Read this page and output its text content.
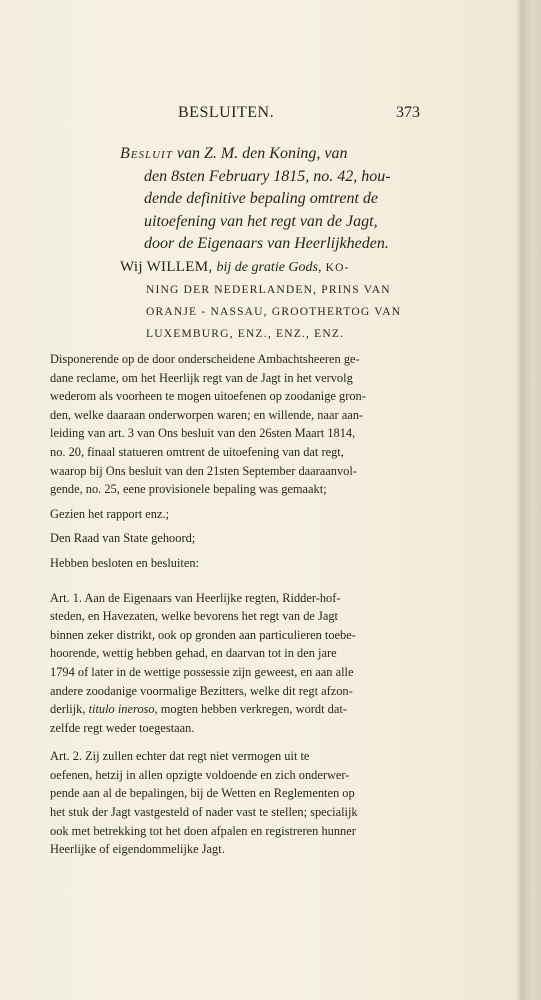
BESLUITEN.	373
Besluit van Z. M. den Koning, van
den 8sten February 1815, no. 42, hou-
dende definitive bepaling omtrent de
uitoefening van het regt van de Jagt,
door de Eigenaars van Heerlijkheden.
Wij WILLEM, bij de gratie Gods, KO-
NING DER NEDERLANDEN, PRINS VAN
ORANJE - NASSAU, GROOTHERTOG VAN
LUXEMBURG, ENZ., ENZ., ENZ.
Disponerende op de door onderscheidene Ambachtsheeren ge-
dane reclame, om het Heerlijk regt van de Jagt in het vervolg
wederom als voorheen te mogen uitoefenen op zoodanige gron-
den, welke daaraan onderworpen waren; en willende, naar aan-
leiding van art. 3 van Ons besluit van den 26sten Maart 1814,
no. 20, finaal statueren omtrent de uitoefening van dat regt,
waarop bij Ons besluit van den 21sten September daaraanvol-
gende, no. 25, eene provisionele bepaling was gemaakt;
Gezien het rapport enz.;
Den Raad van State gehoord;
Hebben besloten en besluiten:
Art. 1. Aan de Eigenaars van Heerlijke regten, Ridder-hof-
steden, en Havezaten, welke bevorens het regt van de Jagt
binnen zeker distrikt, ook op gronden aan particulieren toebe-
hoorende, wettig hebben gehad, en daarvan tot in den jare
1794 of later in de wettige possessie zijn geweest, en aan alle
andere zoodanige voormalige Bezitters, welke dit regt afzon-
derlijk, titulo ineroso, mogten hebben verkregen, wordt dat-
zelfde regt weder toegestaan.
Art. 2. Zij zullen echter dat regt niet vermogen uit te
oefenen, hetzij in allen opzigte voldoende en zich onderwer-
pende aan al de bepalingen, bij de Wetten en Reglementen op
het stuk der Jagt vastgesteld of nader vast te stellen; specialijk
ook met betrekking tot het doen afpalen en registreren hunner
Heerlijke of eigendommelijke Jagt.
